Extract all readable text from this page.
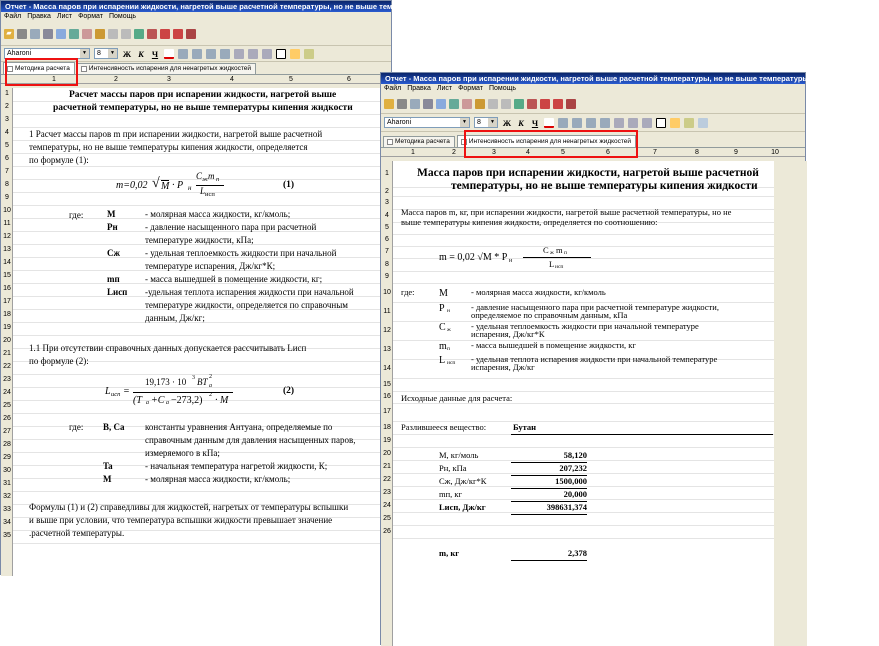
Отчет - Масса паров при испарении жидкости, нагретой выше расчетной температуры, но не выше температуры кипения жидкости
Файл Правка Лист Формат Помощь
▰
Aharoni	▼	8	▼ Ж К Ч
Методика расчета	Интенсивность испарения для ненагретых жидкостей
1	2	3	4	5	6
1
2
3
4
5
6
7
8
9
10
11
12
13
14
15
16
17
18
19
20
21
22
23
24
25
26
27
28
29
30
31
32
33
34
35
Расчет массы паров при испарении жидкости, нагретой выше
расчетной температуры, но не выше температуры кипения жидкости
1 Расчет массы паров m при испарении жидкости, нагретой выше расчетной
температуры, но не выше температуры кипения жидкости, определяется
по формуле (1):
m=0,02 √ M · P н
C ж m п
L исп
(1)
где:	M	- молярная масса жидкости, кг/кмоль;
Pн	- давление насыщенного пара при расчетной
температуре жидкости, кПа;
Сж	- удельная теплоемкость жидкости при начальной
температуре испарения, Дж/кг*К;
mп	- масса вышедшей в помещение жидкости, кг;
Lисп -удельная теплота испарения жидкости при начальной
температуре жидкости, определяется по справочным
данным, Дж/кг;
1.1 При отсутствии справочных данных допускается рассчитывать Lисп
по формуле (2):
L исп =
19,173 · 10 3 BT a
2
(T a +C a −273,2) 2 · M
(2)
где: B, Ca константы уравнения Антуана, определяемые по
справочным данным для давления насыщенных паров,
измеряемого в кПа;
Ta	- начальная температура нагретой жидкости, К;
M	- молярная масса жидкости, кг/кмоль;
Формулы (1) и (2) справедливы для жидкостей, нагретых от температуры вспышки
и выше при условии, что температура вспышки жидкости превышает значение
.расчетной температуры.
Отчет - Масса паров при испарении жидкости, нагретой выше расчетной температуры, но не выше температуры кипения жидкости
Файл Правка Лист Формат Помощь
Aharoni	▼	8	▼ Ж К Ч
Методика расчета	Интенсивность испарения для ненагретых жидкостей
1	2	3	4	5	6	7	8	9	10
1
2
3
4
5
6
7
8
9
10
11
12
13
14
15
16
17
18
19
20
21
22
23
24
25
26
Масса паров при испарении жидкости, нагретой выше расчетной
температуры, но не выше температуры кипения жидкости
Масса паров m, кг, при испарении жидкости, нагретой выше расчетной температуры, но не
выше температуры кипения жидкости, определяется по соотношению:
m = 0,02 √M * P н
C ж m п
L исп
где: M	- молярная масса жидкости, кг/кмоль
P н - давление насыщенного пара при расчетной температуре жидкости,
определяемое по справочным данным, кПа
C ж - удельная теплоемкость жидкости при начальной температуре
испарения, Дж/кг*К
m п - масса вышедшей в помещение жидкости, кг
L исп - удельная теплота испарения жидкости при начальной температуре
испарения, Дж/кг
Исходные данные для расчета:
Разлившееся вещество:	Бутан
M, кг/моль	58,120
Pн, кПа	207,232
Cж, Дж/кг*К	1500,000
mп, кг	20,000
Lисп, Дж/кг	398631,374
m, кг	2,378
